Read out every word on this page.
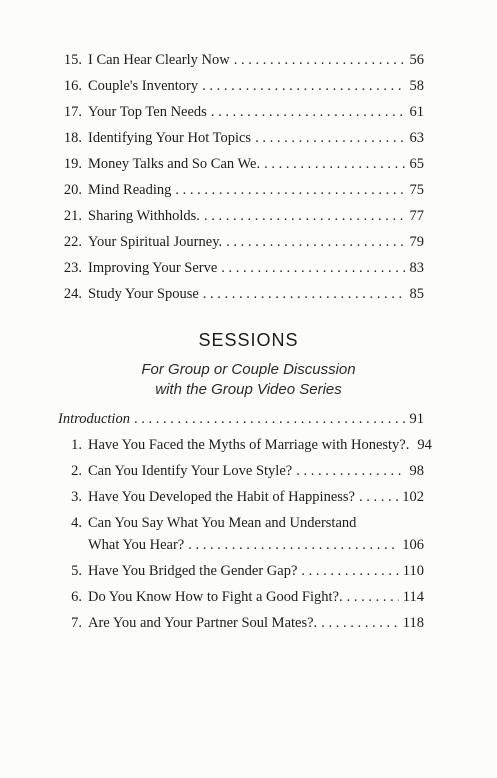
15. I Can Hear Clearly Now . . .	56
16. Couple's Inventory . . .	58
17. Your Top Ten Needs . . .	61
18. Identifying Your Hot Topics . . .	63
19. Money Talks and So Can We. . . .	65
20. Mind Reading . . .	75
21. Sharing Withholds. . . .	77
22. Your Spiritual Journey. . . .	79
23. Improving Your Serve . . .	83
24. Study Your Spouse . . .	85
SESSIONS
For Group or Couple Discussion
with the Group Video Series
Introduction . . .	91
1. Have You Faced the Myths of Marriage with Honesty?. 94
2. Can You Identify Your Love Style? . . .	98
3. Have You Developed the Habit of Happiness? . . .	102
4. Can You Say What You Mean and Understand
What You Hear? . . .	106
5. Have You Bridged the Gender Gap? . . .	110
6. Do You Know How to Fight a Good Fight?. . . .	114
7. Are You and Your Partner Soul Mates?. . . .	118
